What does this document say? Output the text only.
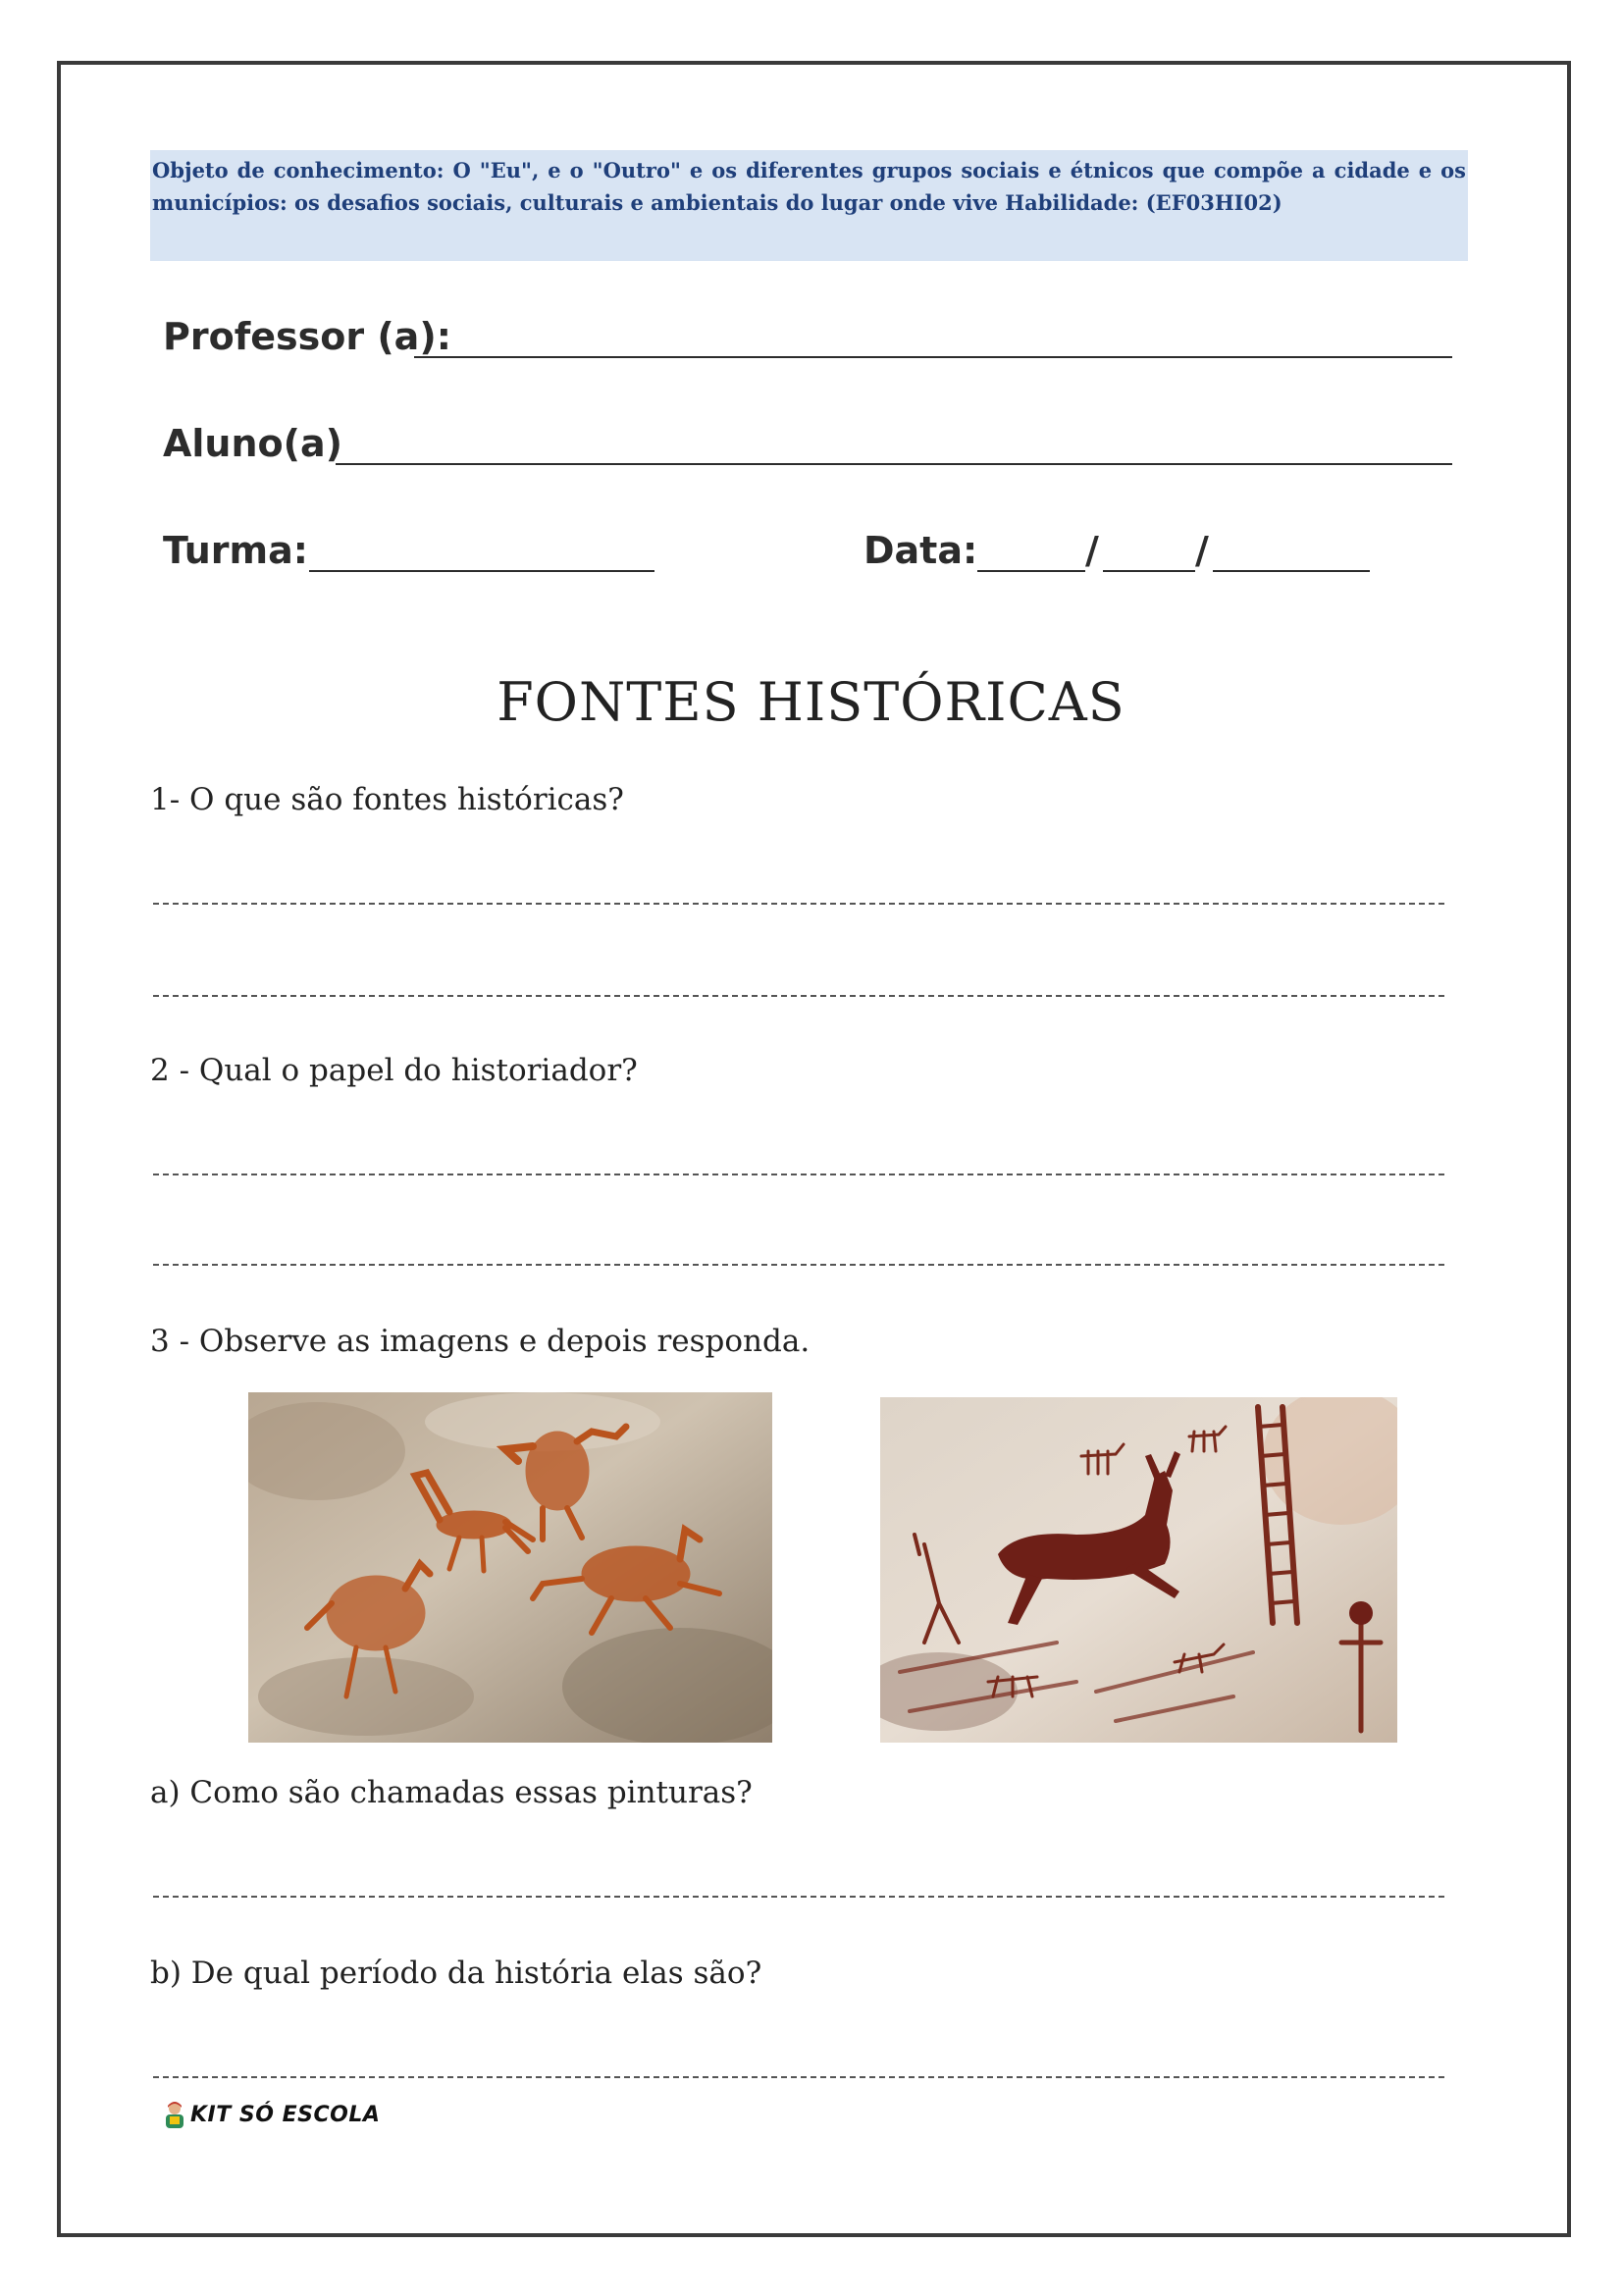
Objeto de conhecimento: O "Eu", e o "Outro" e os diferentes grupos sociais e étnicos que compõe a cidade e os municípios: os desafios sociais, culturais e ambientais do lugar onde vive Habilidade: (EF03HI02)

Professor (a):
Aluno(a)
Turma:	Data:	/	/
FONTES HISTÓRICAS
1- O que são fontes históricas?
2 - Qual o papel do historiador?
3 - Observe as imagens e depois responda.
a) Como são chamadas essas pinturas?
b) De qual período da história elas são?
KIT SÓ ESCOLA
